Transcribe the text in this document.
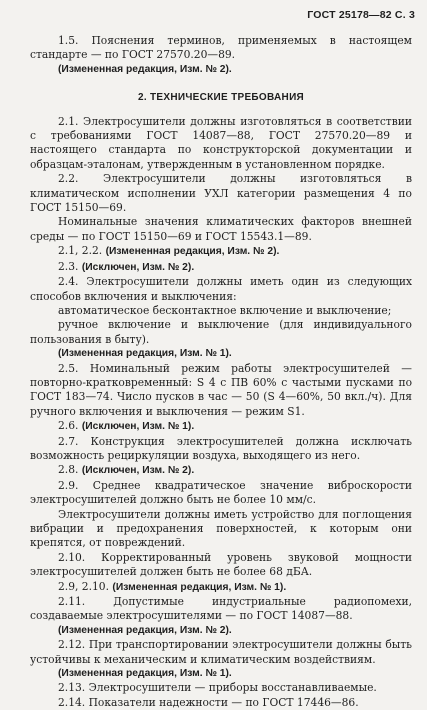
ГОСТ 25178—82 С. 3

1.5. Пояснения терминов, применяемых в настоящем стандарте — по ГОСТ 27570.20—89.

(Измененная редакция, Изм. № 2).

2. ТЕХНИЧЕСКИЕ ТРЕБОВАНИЯ

2.1. Электросушители должны изготовляться в соответствии с требованиями ГОСТ 14087—88, ГОСТ 27570.20—89 и настоящего стандарта по конструкторской документации и образцам-эталонам, утвержденным в установленном порядке.

2.2. Электросушители должны изготовляться в климатическом исполнении УХЛ категории размещения 4 по ГОСТ 15150—69.

Номинальные значения климатических факторов внешней среды — по ГОСТ 15150—69 и ГОСТ 15543.1—89.

2.1, 2.2. (Измененная редакция, Изм. № 2).

2.3. (Исключен, Изм. № 2).

2.4. Электросушители должны иметь один из следующих способов включения и выключения:

автоматическое бесконтактное включение и выключение;

ручное включение и выключение (для индивидуального пользования в быту).

(Измененная редакция, Изм. № 1).

2.5. Номинальный режим работы электросушителей — повторно-кратковременный: S 4 с ПВ 60% с частыми пусками по ГОСТ 183—74. Число пусков в час — 50 (S 4—60%, 50 вкл./ч). Для ручного включения и выключения — режим S1.

2.6. (Исключен, Изм. № 1).

2.7. Конструкция электросушителей должна исключать возможность рециркуляции воздуха, выходящего из него.

2.8. (Исключен, Изм. № 2).

2.9. Среднее квадратическое значение виброскорости электросушителей должно быть не более 10 мм/с.

Электросушители должны иметь устройство для поглощения вибрации и предохранения поверхностей, к которым они крепятся, от повреждений.

2.10. Корректированный уровень звуковой мощности электросушителей должен быть не более 68 дБА.

2.9, 2.10. (Измененная редакция, Изм. № 1).

2.11. Допустимые индустриальные радиопомехи, создаваемые электросушителями — по ГОСТ 14087—88.

(Измененная редакция, Изм. № 2).

2.12. При транспортировании электросушители должны быть устойчивы к механическим и климатическим воздействиям.

(Измененная редакция, Изм. № 1).

2.13. Электросушители — приборы восстанавливаемые.

2.14. Показатели надежности — по ГОСТ 17446—86.
